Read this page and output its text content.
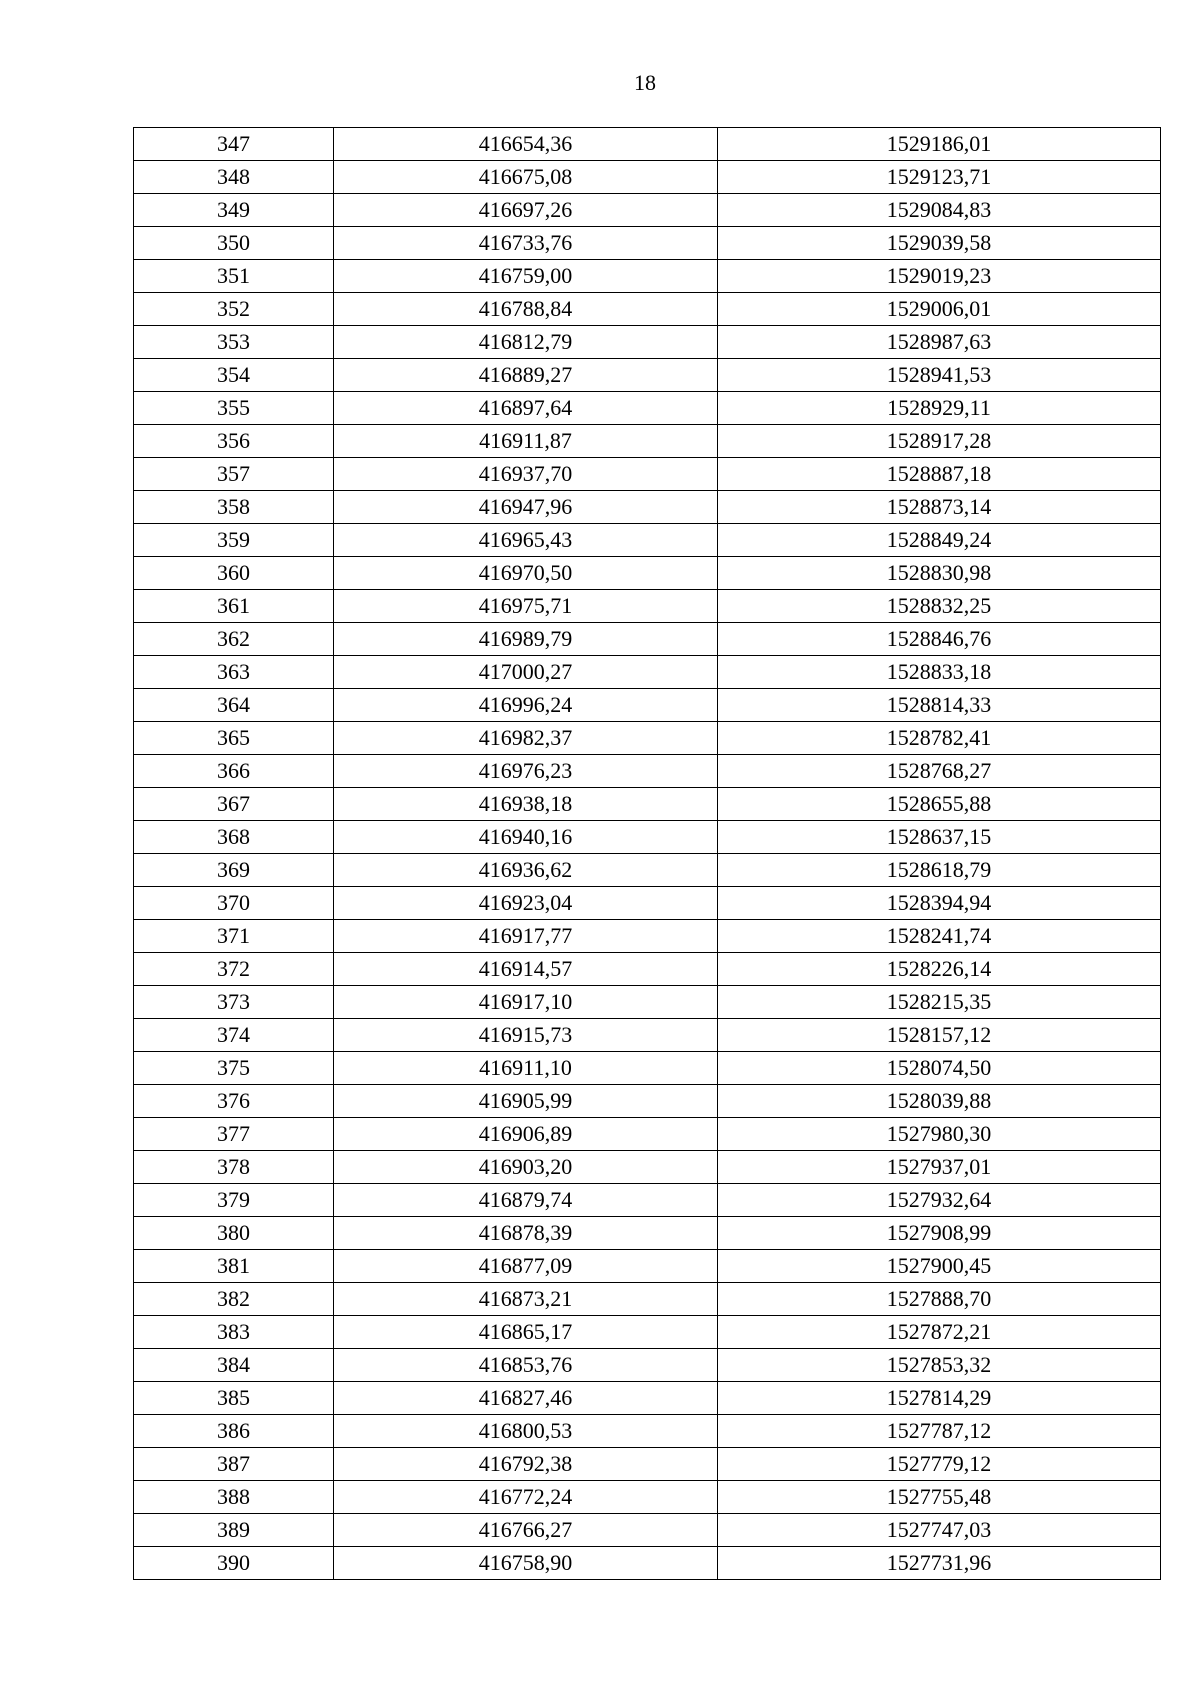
18
347	416654,36	1529186,01
348	416675,08	1529123,71
349	416697,26	1529084,83
350	416733,76	1529039,58
351	416759,00	1529019,23
352	416788,84	1529006,01
353	416812,79	1528987,63
354	416889,27	1528941,53
355	416897,64	1528929,11
356	416911,87	1528917,28
357	416937,70	1528887,18
358	416947,96	1528873,14
359	416965,43	1528849,24
360	416970,50	1528830,98
361	416975,71	1528832,25
362	416989,79	1528846,76
363	417000,27	1528833,18
364	416996,24	1528814,33
365	416982,37	1528782,41
366	416976,23	1528768,27
367	416938,18	1528655,88
368	416940,16	1528637,15
369	416936,62	1528618,79
370	416923,04	1528394,94
371	416917,77	1528241,74
372	416914,57	1528226,14
373	416917,10	1528215,35
374	416915,73	1528157,12
375	416911,10	1528074,50
376	416905,99	1528039,88
377	416906,89	1527980,30
378	416903,20	1527937,01
379	416879,74	1527932,64
380	416878,39	1527908,99
381	416877,09	1527900,45
382	416873,21	1527888,70
383	416865,17	1527872,21
384	416853,76	1527853,32
385	416827,46	1527814,29
386	416800,53	1527787,12
387	416792,38	1527779,12
388	416772,24	1527755,48
389	416766,27	1527747,03
390	416758,90	1527731,96
